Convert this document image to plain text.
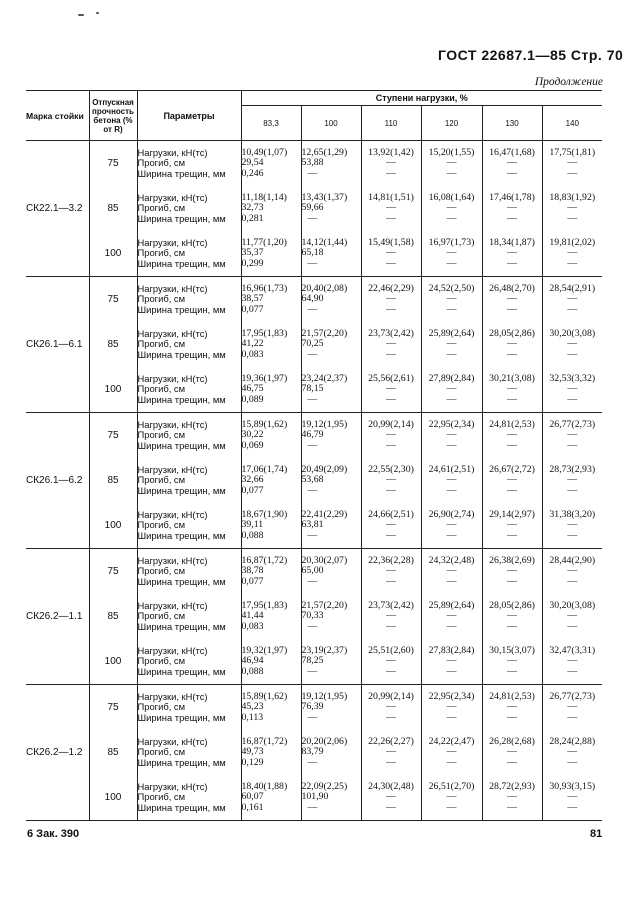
ГОСТ 22687.1—85 Стр. 70
Продолжение
Марка стойки	Отпускная прочность бетона (% от R)	Параметры	Ступени нагрузки, %					
			83,3	100	110	120	130	140
СК22.1—3.2	75	Нагрузки, кН(тс)
Прогиб, см
Ширина трещин, мм	10,49(1,07)
29,54
0,246	12,65(1,29)
53,88
—	13,92(1,42)
—
—	15,20(1,55)
—
—	16,47(1,68)
—
—	17,75(1,81)
—
—

	85	Нагрузки, кН(тс)
Прогиб, см
Ширина трещин, мм	11,18(1,14)
32,73
0,281	13,43(1,37)
59,66
—	14,81(1,51)
—
—	16,08(1,64)
—
—	17,46(1,78)
—
—	18,83(1,92)
—
—

	100	Нагрузки, кН(тс)
Прогиб, см
Ширина трещин, мм	11,77(1,20)
35,37
0,299	14,12(1,44)
65,18
—	15,49(1,58)
—
—	16,97(1,73)
—
—	18,34(1,87)
—
—	19,81(2,02)
—
—

СК26.1—6.1	75	Нагрузки, кН(тс)
Прогиб, см
Ширина трещин, мм	16,96(1,73)
38,57
0,077	20,40(2,08)
64,90
—	22,46(2,29)
—
—	24,52(2,50)
—
—	26,48(2,70)
—
—	28,54(2,91)
—
—

	85	Нагрузки, кН(тс)
Прогиб, см
Ширина трещин, мм	17,95(1,83)
41,22
0,083	21,57(2,20)
70,25
—	23,73(2,42)
—
—	25,89(2,64)
—
—	28,05(2,86)
—
—	30,20(3,08)
—
—

	100	Нагрузки, кН(тс)
Прогиб, см
Ширина трещин, мм	19,36(1,97)
46,75
0,089	23,24(2,37)
78,15
—	25,56(2,61)
—
—	27,89(2,84)
—
—	30,21(3,08)
—
—	32,53(3,32)
—
—

СК26.1—6.2	75	Нагрузки, кН(тс)
Прогиб, см
Ширина трещин, мм	15,89(1,62)
30,22
0,069	19,12(1,95)
46,79
—	20,99(2,14)
—
—	22,95(2,34)
—
—	24,81(2,53)
—
—	26,77(2,73)
—
—

	85	Нагрузки, кН(тс)
Прогиб, см
Ширина трещин, мм	17,06(1,74)
32,66
0,077	20,49(2,09)
53,68
—	22,55(2,30)
—
—	24,61(2,51)
—
—	26,67(2,72)
—
—	28,73(2,93)
—
—

	100	Нагрузки, кН(тс)
Прогиб, см
Ширина трещин, мм	18,67(1,90)
39,11
0,088	22,41(2,29)
63,81
—	24,66(2,51)
—
—	26,90(2,74)
—
—	29,14(2,97)
—
—	31,38(3,20)
—
—

СК26.2—1.1	75	Нагрузки, кН(тс)
Прогиб, см
Ширина трещин, мм	16,87(1,72)
38,78
0,077	20,30(2,07)
65,00
—	22,36(2,28)
—
—	24,32(2,48)
—
—	26,38(2,69)
—
—	28,44(2,90)
—
—

	85	Нагрузки, кН(тс)
Прогиб, см
Ширина трещин, мм	17,95(1,83)
41,44
0,083	21,57(2,20)
70,33
—	23,73(2,42)
—
—	25,89(2,64)
—
—	28,05(2,86)
—
—	30,20(3,08)
—
—

	100	Нагрузки, кН(тс)
Прогиб, см
Ширина трещин, мм	19,32(1,97)
46,94
0,088	23,19(2,37)
78,25
—	25,51(2,60)
—
—	27,83(2,84)
—
—	30,15(3,07)
—
—	32,47(3,31)
—
—

СК26.2—1.2	75	Нагрузки, кН(тс)
Прогиб, см
Ширина трещин, мм	15,89(1,62)
45,23
0,113	19,12(1,95)
76,39
—	20,99(2,14)
—
—	22,95(2,34)
—
—	24,81(2,53)
—
—	26,77(2,73)
—
—

	85	Нагрузки, кН(тс)
Прогиб, см
Ширина трещин, мм	16,87(1,72)
49,73
0,129	20,20(2,06)
83,79
—	22,26(2,27)
—
—	24,22(2,47)
—
—	26,28(2,68)
—
—	28,24(2,88)
—
—

	100	Нагрузки, кН(тс)
Прогиб, см
Ширина трещин, мм	18,40(1,88)
60,07
0,161	22,09(2,25)
101,90
—	24,30(2,48)
—
—	26,51(2,70)
—
—	28,72(2,93)
—
—	30,93(3,15)
—
—
6 Зак. 390	81
